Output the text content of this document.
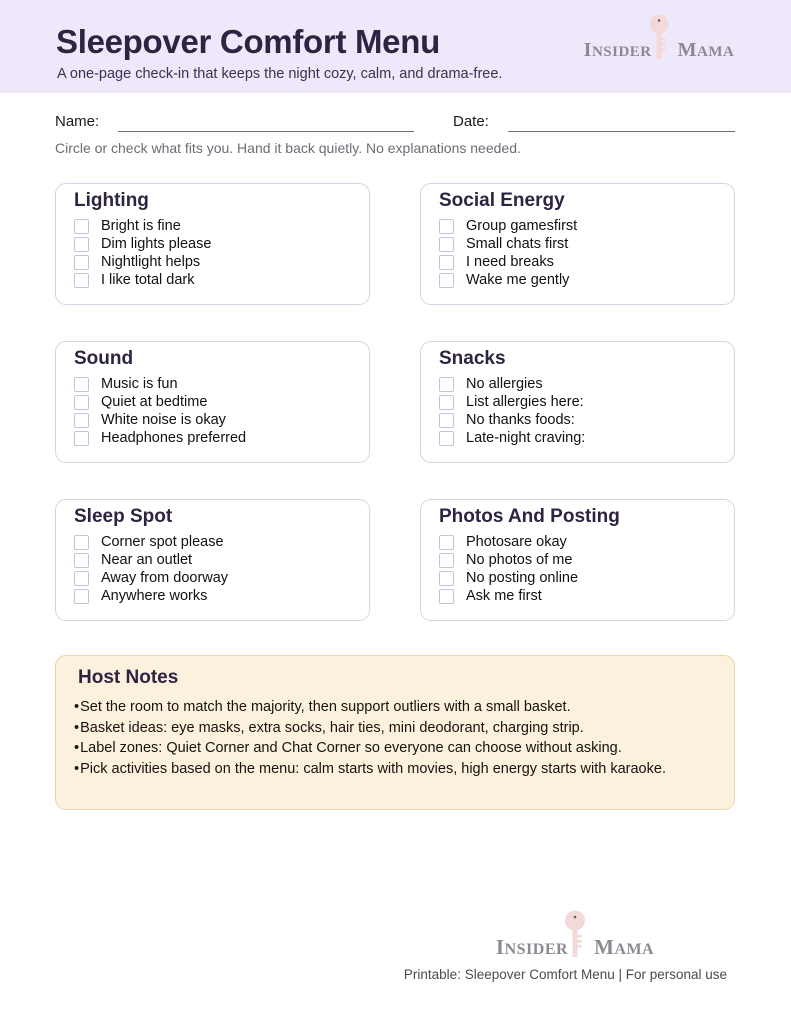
Sleepover Comfort Menu
A one-page check-in that keeps the night cozy, calm, and drama-free.
INSIDER MAMA
Name:	Date:
Circle or check what fits you. Hand it back quietly. No explanations needed.
Lighting
Bright is fine
Dim lights please
Nightlight helps
I like total dark
Social Energy
Group gamesfirst
Small chats first
I need breaks
Wake me gently
Sound
Music is fun
Quiet at bedtime
White noise is okay
Headphones preferred
Snacks
No allergies
List allergies here:
No thanks foods:
Late-night craving:
Sleep Spot
Corner spot please
Near an outlet
Away from doorway
Anywhere works
Photos And Posting
Photosare okay
No photos of me
No posting online
Ask me first
Host Notes
•Set the room to match the majority, then support outliers with a small basket.
•Basket ideas: eye masks, extra socks, hair ties, mini deodorant, charging strip.
•Label zones: Quiet Corner and Chat Corner so everyone can choose without asking.
•Pick activities based on the menu: calm starts with movies, high energy starts with karaoke.
INSIDER MAMA
Printable: Sleepover Comfort Menu | For personal use
